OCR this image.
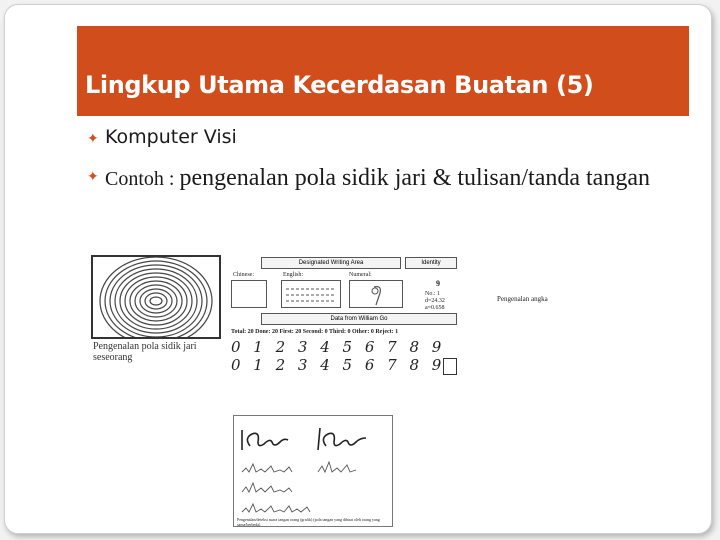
Lingkup Utama Kecerdasan Buatan (5)
✦ Komputer Visi
✦ Contoh : pengenalan pola sidik jari & tulisan/tanda tangan
Pengenalan pola sidik jari seseorang
Designated Writing Area	Identity
Chinese:	English:	Numeral:
9
No.: 1
d=24.32
a=0.658
Data from William Go
Total: 20 Done: 20 First: 20 Second: 0 Third: 0 Other: 0 Reject: 1
0 1 2 3 4 5 6 7 8 9
0 1 2 3 4 5 6 7 8 9
Pengenalan angka
Pengenalan/deteksi suara tangan orang (grafik) (pola tangan yang dibuat oleh orang yang sama/berbeda)
